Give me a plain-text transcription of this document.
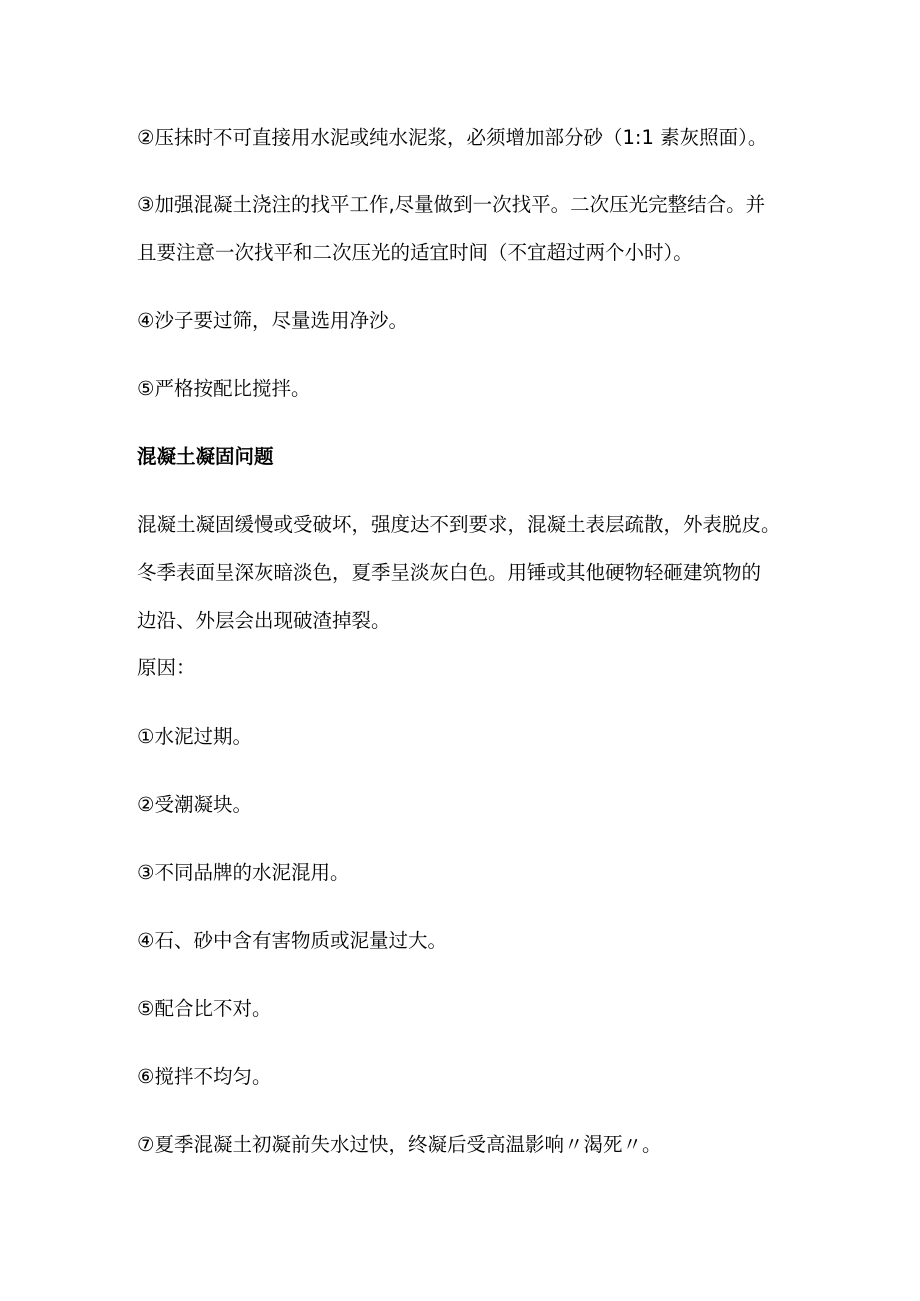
②压抹时不可直接用水泥或纯水泥浆，必须增加部分砂（1:1 素灰照面）。
③加强混凝土浇注的找平工作,尽量做到一次找平。二次压光完整结合。并
且要注意一次找平和二次压光的适宜时间（不宜超过两个小时）。
④沙子要过筛，尽量选用净沙。
⑤严格按配比搅拌。
混凝土凝固问题
混凝土凝固缓慢或受破坏，强度达不到要求，混凝土表层疏散，外表脱皮。
冬季表面呈深灰暗淡色，夏季呈淡灰白色。用锤或其他硬物轻砸建筑物的
边沿、外层会出现破渣掉裂。
原因：
①水泥过期。
②受潮凝块。
③不同品牌的水泥混用。
④石、砂中含有害物质或泥量过大。
⑤配合比不对。
⑥搅拌不均匀。
⑦夏季混凝土初凝前失水过快，终凝后受高温影响〃渴死〃。
